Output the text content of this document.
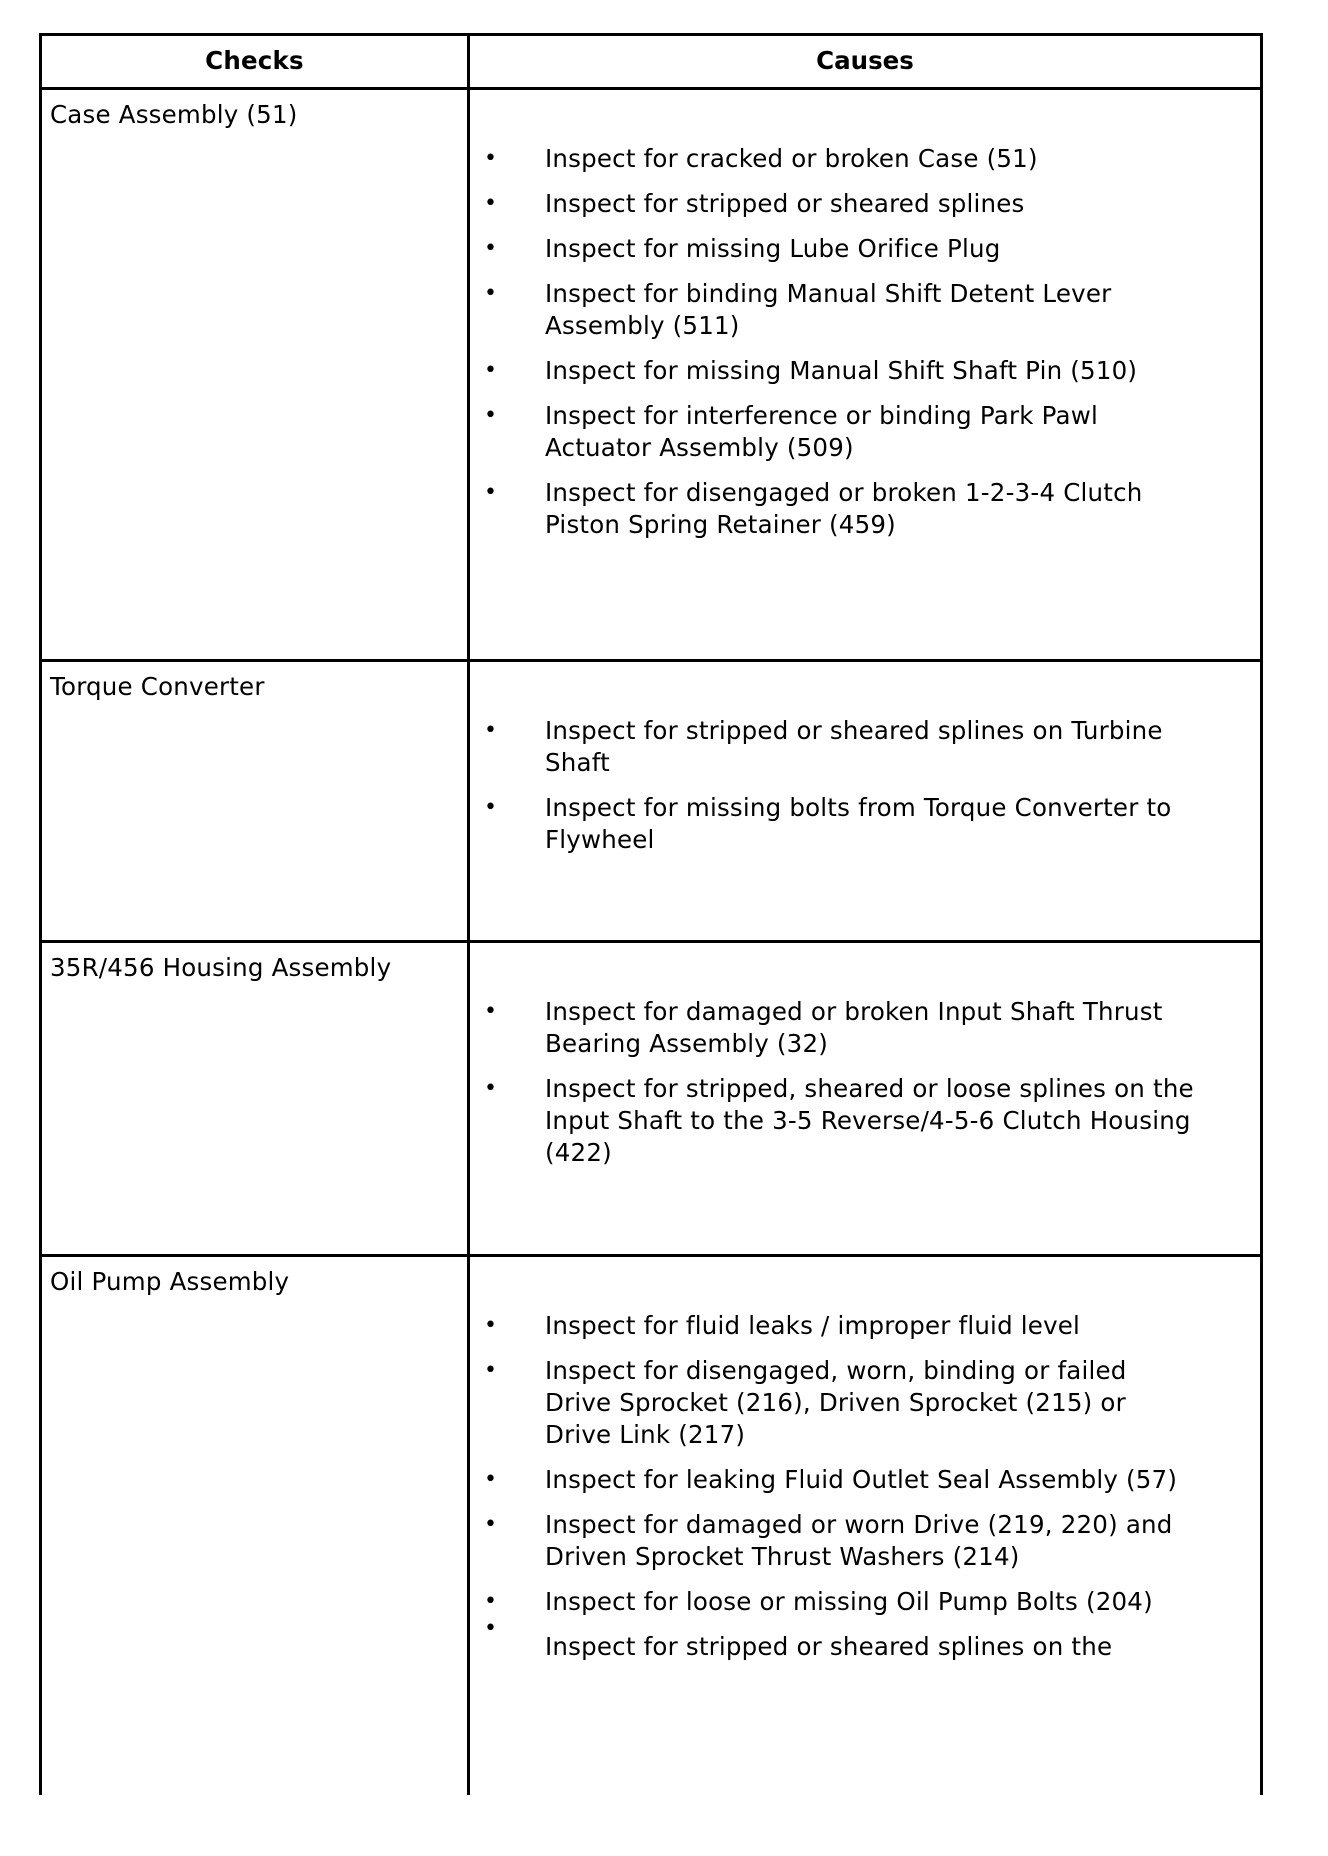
Checks	Causes
Case Assembly (51)
• Inspect for cracked or broken Case (51)
• Inspect for stripped or sheared splines
• Inspect for missing Lube Orifice Plug
• Inspect for binding Manual Shift Detent Lever Assembly (511)
• Inspect for missing Manual Shift Shaft Pin (510)
• Inspect for interference or binding Park Pawl Actuator Assembly (509)
• Inspect for disengaged or broken 1-2-3-4 Clutch Piston Spring Retainer (459)
Torque Converter
• Inspect for stripped or sheared splines on Turbine Shaft
• Inspect for missing bolts from Torque Converter to Flywheel
35R/456 Housing Assembly
• Inspect for damaged or broken Input Shaft Thrust Bearing Assembly (32)
• Inspect for stripped, sheared or loose splines on the Input Shaft to the 3-5 Reverse/4-5-6 Clutch Housing (422)
Oil Pump Assembly
• Inspect for fluid leaks / improper fluid level
• Inspect for disengaged, worn, binding or failed Drive Sprocket (216), Driven Sprocket (215) or Drive Link (217)
• Inspect for leaking Fluid Outlet Seal Assembly (57)
• Inspect for damaged or worn Drive (219, 220) and Driven Sprocket Thrust Washers (214)
• Inspect for loose or missing Oil Pump Bolts (204)
•
Inspect for stripped or sheared splines on the
